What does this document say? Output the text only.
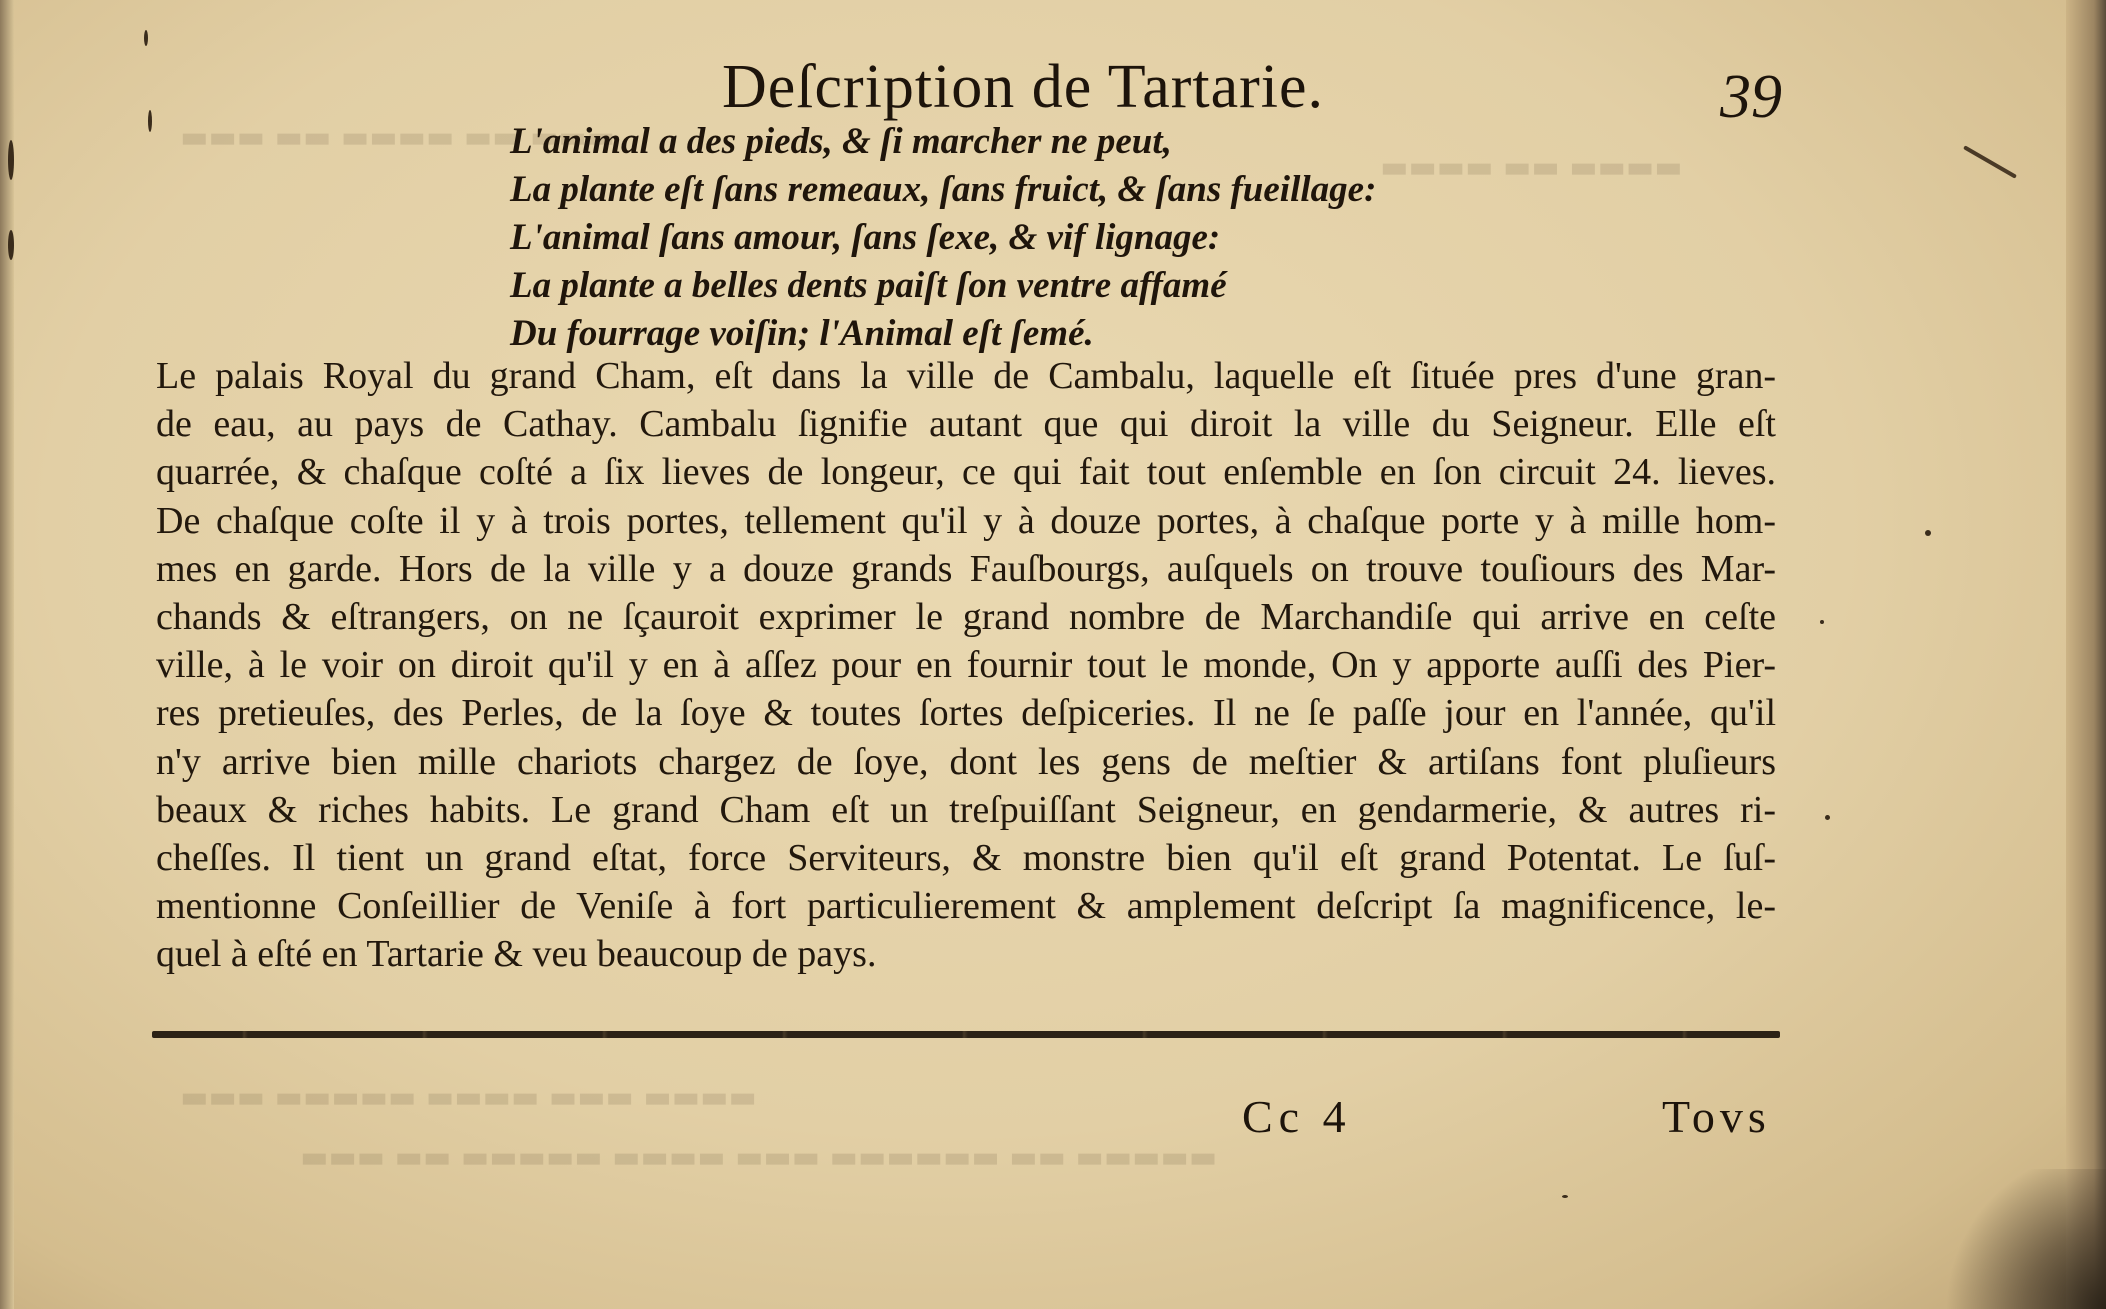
▬▬▬ ▬▬ ▬▬▬▬ ▬▬ ▬▬▬
▬▬▬▬ ▬▬ ▬▬▬▬
▬▬▬▬▬ ▬▬ ▬▬▬▬▬▬ ▬▬▬ ▬▬▬▬ ▬▬▬▬▬ ▬▬ ▬▬▬
▬▬▬▬ ▬▬▬ ▬▬▬▬ ▬▬▬▬▬ ▬▬▬
Deſcription de Tartarie.	39
L'animal a des pieds, & ſi marcher ne peut,
La plante eſt ſans remeaux, ſans fruict, & ſans fueillage:
L'animal ſans amour, ſans ſexe, & vif lignage:
La plante a belles dents paiſt ſon ventre affamé
Du fourrage voiſin; l'Animal eſt ſemé.
Le palais Royal du grand Cham, eſt dans la ville de Cambalu, laquelle eſt ſituée pres d'une gran-
de eau, au pays de Cathay. Cambalu ſignifie autant que qui diroit la ville du Seigneur. Elle eſt
quarrée, & chaſque coſté a ſix lieves de longeur, ce qui fait tout enſemble en ſon circuit 24. lieves.
De chaſque coſte il y à trois portes, tellement qu'il y à douze portes, à chaſque porte y à mille hom-
mes en garde. Hors de la ville y a douze grands Fauſbourgs, auſquels on trouve touſiours des Mar-
chands & eſtrangers, on ne ſçauroit exprimer le grand nombre de Marchandiſe qui arrive en ceſte
ville, à le voir on diroit qu'il y en à aſſez pour en fournir tout le monde, On y apporte auſſi des Pier-
res pretieuſes, des Perles, de la ſoye & toutes ſortes deſpiceries. Il ne ſe paſſe jour en l'année, qu'il
n'y arrive bien mille chariots chargez de ſoye, dont les gens de meſtier & artiſans font pluſieurs
beaux & riches habits. Le grand Cham eſt un treſpuiſſant Seigneur, en gendarmerie, & autres ri-
cheſſes. Il tient un grand eſtat, force Serviteurs, & monstre bien qu'il eſt grand Potentat. Le ſuſ-
mentionne Conſeillier de Veniſe à fort particulierement & amplement deſcript ſa magnificence, le-
quel à eſté en Tartarie & veu beaucoup de pays.
Cc 4	Tovs
